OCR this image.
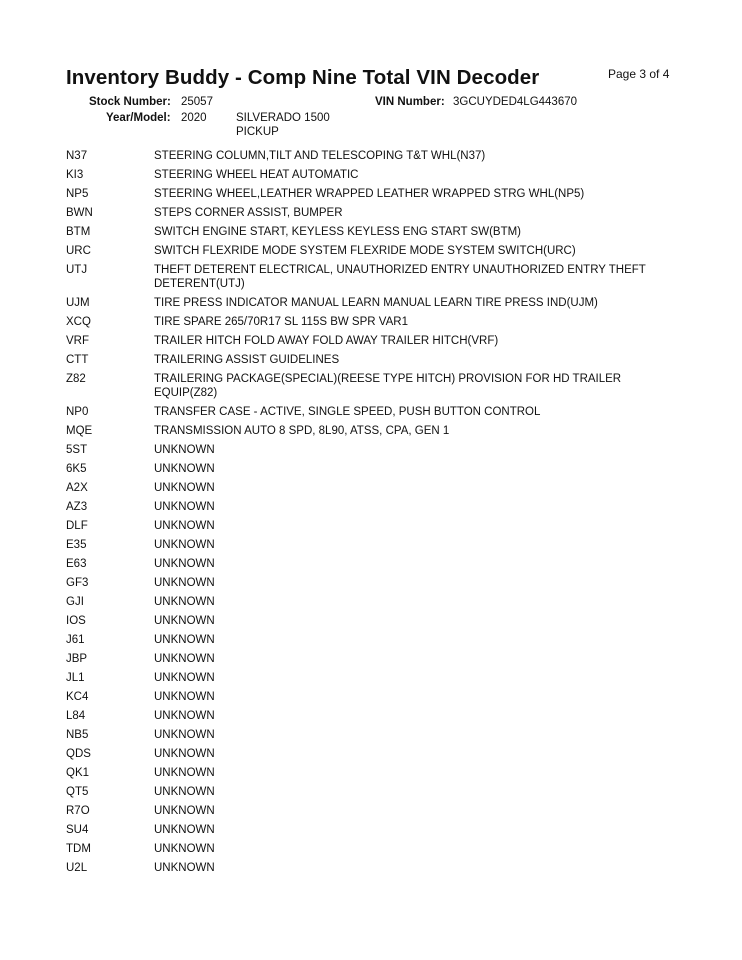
Inventory Buddy - Comp Nine Total VIN Decoder	Page 3 of 4
Stock Number: 25057	VIN Number: 3GCUYDED4LG443670
Year/Model: 2020	SILVERADO 1500 PICKUP
N37	STEERING COLUMN,TILT AND TELESCOPING T&T WHL(N37)
KI3	STEERING WHEEL HEAT AUTOMATIC
NP5	STEERING WHEEL,LEATHER WRAPPED LEATHER WRAPPED STRG WHL(NP5)
BWN	STEPS CORNER ASSIST, BUMPER
BTM	SWITCH ENGINE START, KEYLESS KEYLESS ENG START SW(BTM)
URC	SWITCH FLEXRIDE MODE SYSTEM FLEXRIDE MODE SYSTEM SWITCH(URC)
UTJ	THEFT DETERENT ELECTRICAL, UNAUTHORIZED ENTRY UNAUTHORIZED ENTRY THEFT DETERENT(UTJ)
UJM	TIRE PRESS INDICATOR MANUAL LEARN MANUAL LEARN TIRE PRESS IND(UJM)
XCQ	TIRE SPARE 265/70R17 SL 115S BW SPR VAR1
VRF	TRAILER HITCH FOLD AWAY FOLD AWAY TRAILER HITCH(VRF)
CTT	TRAILERING ASSIST GUIDELINES
Z82	TRAILERING PACKAGE(SPECIAL)(REESE TYPE HITCH) PROVISION FOR HD TRAILER EQUIP(Z82)
NP0	TRANSFER CASE - ACTIVE, SINGLE SPEED, PUSH BUTTON CONTROL
MQE	TRANSMISSION AUTO 8 SPD, 8L90, ATSS, CPA, GEN 1
5ST	UNKNOWN
6K5	UNKNOWN
A2X	UNKNOWN
AZ3	UNKNOWN
DLF	UNKNOWN
E35	UNKNOWN
E63	UNKNOWN
GF3	UNKNOWN
GJI	UNKNOWN
IOS	UNKNOWN
J61	UNKNOWN
JBP	UNKNOWN
JL1	UNKNOWN
KC4	UNKNOWN
L84	UNKNOWN
NB5	UNKNOWN
QDS	UNKNOWN
QK1	UNKNOWN
QT5	UNKNOWN
R7O	UNKNOWN
SU4	UNKNOWN
TDM	UNKNOWN
U2L	UNKNOWN
